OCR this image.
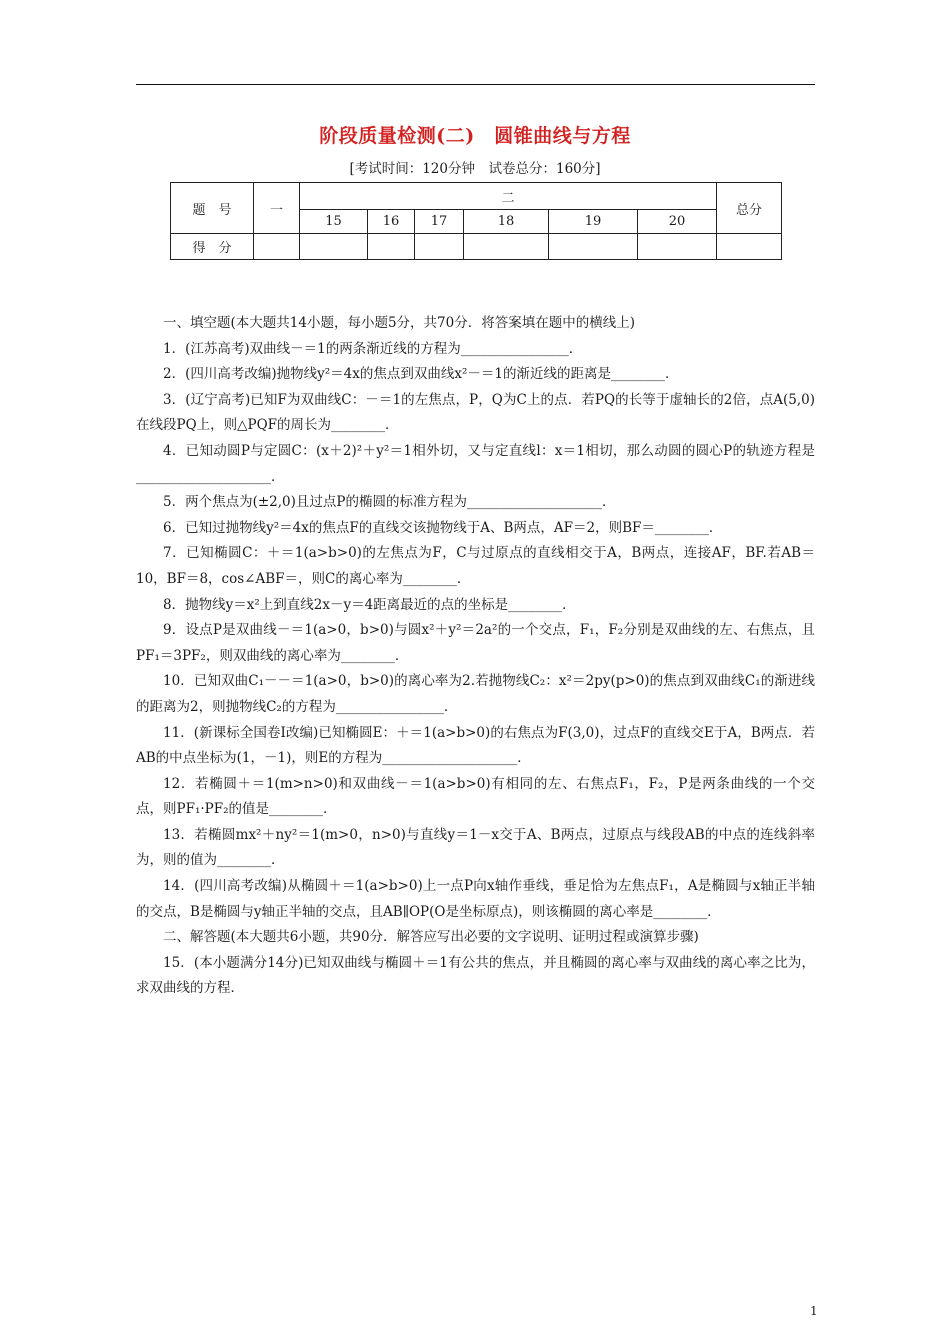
阶段质量检测(二)　圆锥曲线与方程
[考试时间：120分钟　试卷总分：160分]
题　号	一	二						总分
		15	16	17	18	19	20	
得　分								

一、填空题(本大题共14小题，每小题5分，共70分．将答案填在题中的横线上)

1．(江苏高考)双曲线－＝1的两条渐近线的方程为________________．

2．(四川高考改编)抛物线y²＝4x的焦点到双曲线x²－＝1的渐近线的距离是________．

3．(辽宁高考)已知F为双曲线C：－＝1的左焦点，P，Q为C上的点．若PQ的长等于虚轴长的2倍，点A(5,0)在线段PQ上，则△PQF的周长为________．

4．已知动圆P与定圆C：(x＋2)²＋y²＝1相外切，又与定直线l：x＝1相切，那么动圆的圆心P的轨迹方程是____________________．

5．两个焦点为(±2,0)且过点P的椭圆的标准方程为____________________．

6．已知过抛物线y²＝4x的焦点F的直线交该抛物线于A、B两点，AF＝2，则BF＝________．

7．已知椭圆C：＋＝1(a>b>0)的左焦点为F，C与过原点的直线相交于A，B两点，连接AF，BF.若AB＝10，BF＝8，cos∠ABF＝，则C的离心率为________．

8．抛物线y＝x²上到直线2x－y＝4距离最近的点的坐标是________．

9．设点P是双曲线－＝1(a>0，b>0)与圆x²＋y²＝2a²的一个交点，F₁，F₂分别是双曲线的左、右焦点，且PF₁＝3PF₂，则双曲线的离心率为________．

10．已知双曲C₁－－＝1(a>0，b>0)的离心率为2.若抛物线C₂：x²＝2py(p>0)的焦点到双曲线C₁的渐进线的距离为2，则抛物线C₂的方程为________________．

11．(新课标全国卷Ⅰ改编)已知椭圆E：＋＝1(a>b>0)的右焦点为F(3,0)，过点F的直线交E于A，B两点．若AB的中点坐标为(1，－1)，则E的方程为____________________．

12．若椭圆＋＝1(m>n>0)和双曲线－＝1(a>b>0)有相同的左、右焦点F₁，F₂，P是两条曲线的一个交点，则PF₁·PF₂的值是________．

13．若椭圆mx²＋ny²＝1(m>0，n>0)与直线y＝1－x交于A、B两点，过原点与线段AB的中点的连线斜率为，则的值为________．

14．(四川高考改编)从椭圆＋＝1(a>b>0)上一点P向x轴作垂线，垂足恰为左焦点F₁，A是椭圆与x轴正半轴的交点，B是椭圆与y轴正半轴的交点，且AB∥OP(O是坐标原点)，则该椭圆的离心率是________．

二、解答题(本大题共6小题，共90分．解答应写出必要的文字说明、证明过程或演算步骤)

15．(本小题满分14分)已知双曲线与椭圆＋＝1有公共的焦点，并且椭圆的离心率与双曲线的离心率之比为，求双曲线的方程．

1
